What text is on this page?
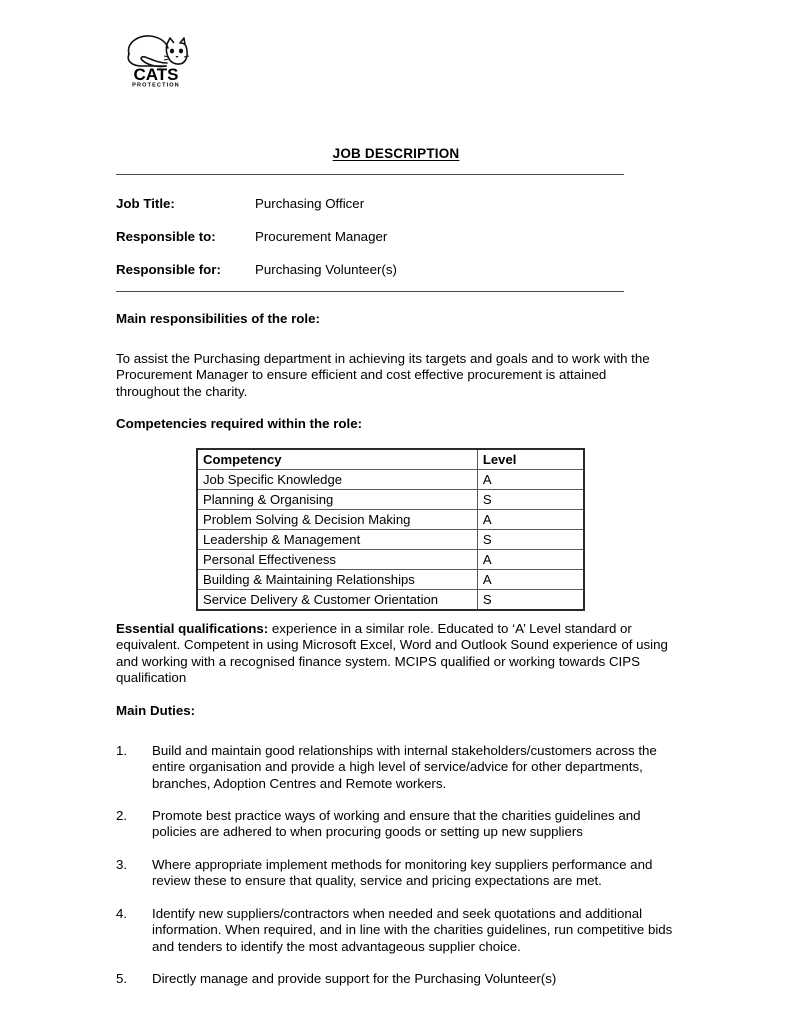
CATS
PROTECTION
JOB DESCRIPTION
Job Title:	Purchasing Officer
Responsible to:	Procurement Manager
Responsible for:	Purchasing Volunteer(s)
Main responsibilities of the role:
To assist the Purchasing department in achieving its targets and goals and to work with the Procurement Manager to ensure efficient and cost effective procurement is attained throughout the charity.
Competencies required within the role:
Competency	Level
Job Specific Knowledge	A
Planning & Organising	S
Problem Solving & Decision Making	A
Leadership & Management	S
Personal Effectiveness	A
Building & Maintaining Relationships	A
Service Delivery & Customer Orientation	S
Essential qualifications: experience in a similar role. Educated to ‘A’ Level standard or equivalent. Competent in using Microsoft Excel, Word and Outlook Sound experience of using and working with a recognised finance system. MCIPS qualified or working towards CIPS qualification
Main Duties:
1.	Build and maintain good relationships with internal stakeholders/customers across the entire organisation and provide a high level of service/advice for other departments, branches, Adoption Centres and Remote workers.
2.	Promote best practice ways of working and ensure that the charities guidelines and policies are adhered to when procuring goods or setting up new suppliers
3.	Where appropriate implement methods for monitoring key suppliers performance and review these to ensure that quality, service and pricing expectations are met.
4.	Identify new suppliers/contractors when needed and seek quotations and additional information. When required, and in line with the charities guidelines, run competitive bids and tenders to identify the most advantageous supplier choice.
5.	Directly manage and provide support for the Purchasing Volunteer(s)
